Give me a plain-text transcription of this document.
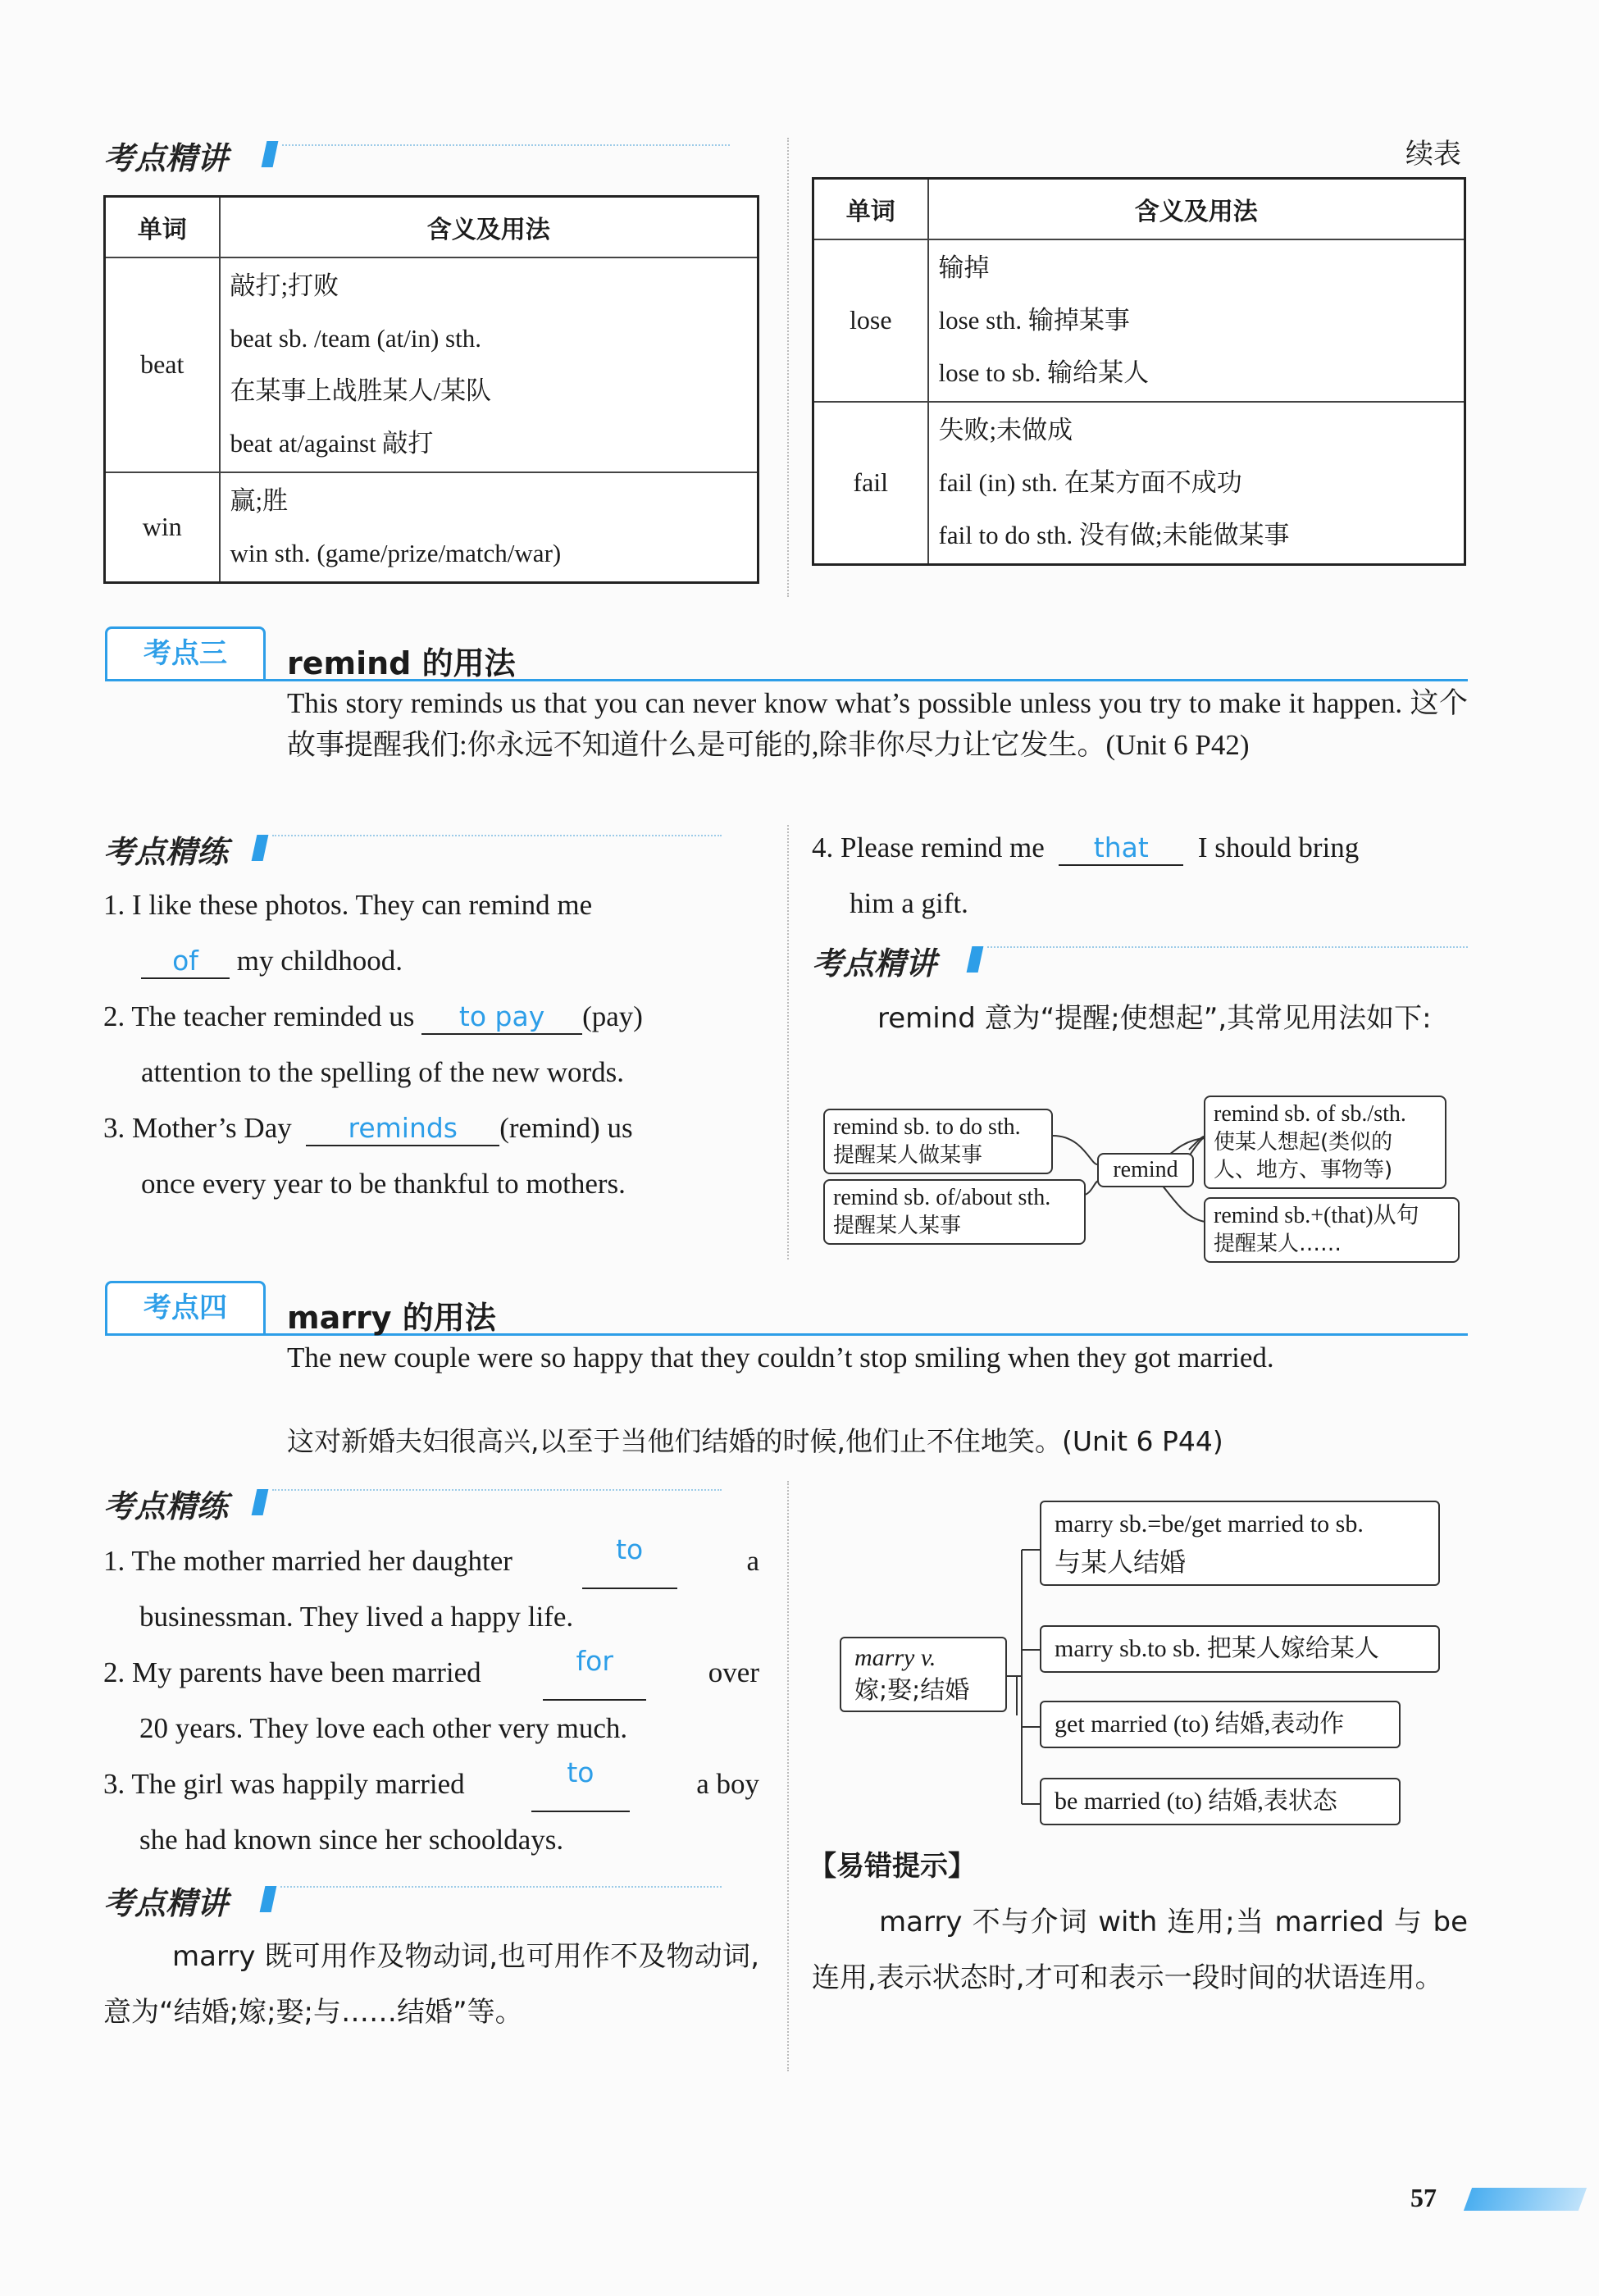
考点精讲	续表
单词	含义及用法
beat	敲打;打败
beat sb. /team (at/in) sth.
在某事上战胜某人/某队
beat at/against 敲打

win	赢;胜
win sth. (game/prize/match/war)
单词	含义及用法
lose	输掉
lose sth. 输掉某事
lose to sb. 输给某人

fail	失败;未做成
fail (in) sth. 在某方面不成功
fail to do sth. 没有做;未能做某事
考点三	remind 的用法
This story reminds us that you can never know what’s possible unless you try to make it happen. 这个故事提醒我们:你永远不知道什么是可能的,除非你尽力让它发生。(Unit 6 P42)
考点精练
1. I like these photos. They can remind me
of my childhood.
2. The teacher reminded us to pay (pay)
attention to the spelling of the new words.
3. Mother’s Day reminds (remind) us
once every year to be thankful to mothers.
4. Please remind me that I should bring
him a gift.
考点精讲
remind 意为“提醒;使想起”,其常见用法如下:
remind sb. to do sth.
提醒某人做某事
remind sb. of/about sth.
提醒某人某事
remind
remind sb. of sb./sth.
使某人想起(类似的
人、地方、事物等)
remind sb.+(that)从句
提醒某人……
考点四	marry 的用法
The new couple were so happy that they couldn’t stop smiling when they got married.
这对新婚夫妇很高兴,以至于当他们结婚的时候,他们止不住地笑。(Unit 6 P44)
考点精练
1. The mother married her daughter	to	a
businessman. They lived a happy life.
2. My parents have been married	for	over
20 years. They love each other very much.
3. The girl was happily married	to	a boy
she had known since her schooldays.
考点精讲
marry 既可用作及物动词,也可用作不及物动词,意为“结婚;嫁;娶;与……结婚”等。
marry v.
嫁;娶;结婚
marry sb.=be/get married to sb.
与某人结婚
marry sb.to sb. 把某人嫁给某人
get married (to) 结婚,表动作
be married (to) 结婚,表状态
【易错提示】
marry 不与介词 with 连用;当 married 与 be 连用,表示状态时,才可和表示一段时间的状语连用。
57
